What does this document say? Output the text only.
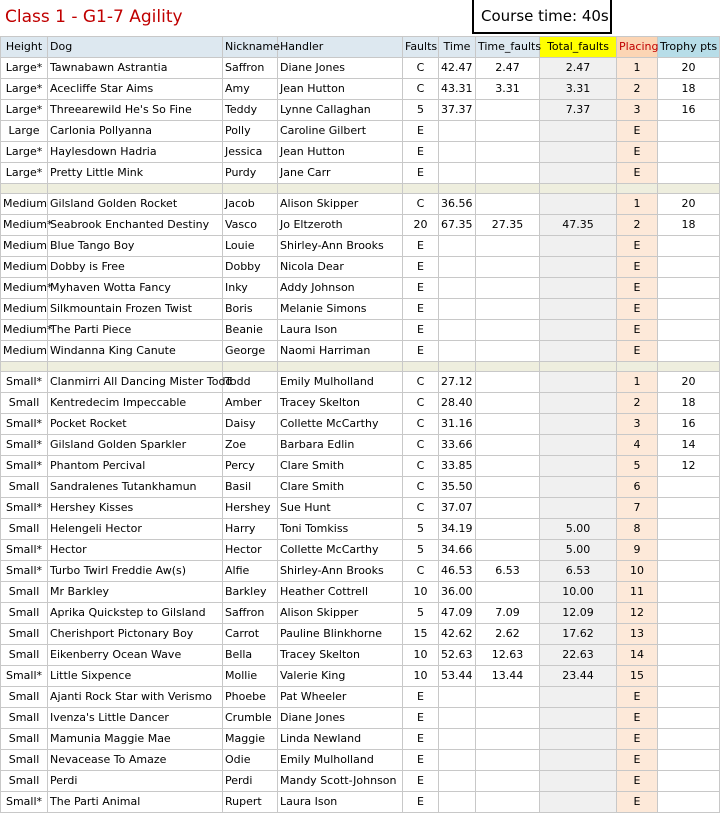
Class 1 - G1-7 Agility	Course time: 40s
Height	Dog	Nickname	Handler	Faults	Time	Time_faults	Total_faults	Placing	Trophy pts
Large*	Tawnabawn Astrantia	Saffron	Diane Jones	C	42.47	2.47	2.47	1	20
Large*	Acecliffe Star Aims	Amy	Jean Hutton	C	43.31	3.31	3.31	2	18
Large*	Threearewild He's So Fine	Teddy	Lynne Callaghan	5	37.37		7.37	3	16
Large	Carlonia Pollyanna	Polly	Caroline Gilbert	E				E	
Large*	Haylesdown Hadria	Jessica	Jean Hutton	E				E	
Large*	Pretty Little Mink	Purdy	Jane Carr	E				E	

Medium	Gilsland Golden Rocket	Jacob	Alison Skipper	C	36.56			1	20
Medium*	Seabrook Enchanted Destiny	Vasco	Jo Eltzeroth	20	67.35	27.35	47.35	2	18
Medium	Blue Tango Boy	Louie	Shirley-Ann Brooks	E				E	
Medium	Dobby is Free	Dobby	Nicola Dear	E				E	
Medium*	Myhaven Wotta Fancy	Inky	Addy Johnson	E				E	
Medium	Silkmountain Frozen Twist	Boris	Melanie Simons	E				E	
Medium*	The Parti Piece	Beanie	Laura Ison	E				E	
Medium	Windanna King Canute	George	Naomi Harriman	E				E	

Small*	Clanmirri All Dancing Mister Todd	Todd	Emily Mulholland	C	27.12			1	20
Small	Kentredecim Impeccable	Amber	Tracey Skelton	C	28.40			2	18
Small*	Pocket Rocket	Daisy	Collette McCarthy	C	31.16			3	16
Small*	Gilsland Golden Sparkler	Zoe	Barbara Edlin	C	33.66			4	14
Small*	Phantom Percival	Percy	Clare Smith	C	33.85			5	12
Small	Sandralenes Tutankhamun	Basil	Clare Smith	C	35.50			6	
Small*	Hershey Kisses	Hershey	Sue Hunt	C	37.07			7	
Small	Helengeli Hector	Harry	Toni Tomkiss	5	34.19		5.00	8	
Small*	Hector	Hector	Collette McCarthy	5	34.66		5.00	9	
Small*	Turbo Twirl Freddie Aw(s)	Alfie	Shirley-Ann Brooks	C	46.53	6.53	6.53	10	
Small	Mr Barkley	Barkley	Heather Cottrell	10	36.00		10.00	11	
Small	Aprika Quickstep to Gilsland	Saffron	Alison Skipper	5	47.09	7.09	12.09	12	
Small	Cherishport Pictonary Boy	Carrot	Pauline Blinkhorne	15	42.62	2.62	17.62	13	
Small	Eikenberry Ocean Wave	Bella	Tracey Skelton	10	52.63	12.63	22.63	14	
Small*	Little Sixpence	Mollie	Valerie King	10	53.44	13.44	23.44	15	
Small	Ajanti Rock Star with Verismo	Phoebe	Pat Wheeler	E				E	
Small	Ivenza's Little Dancer	Crumble	Diane Jones	E				E	
Small	Mamunia Maggie Mae	Maggie	Linda Newland	E				E	
Small	Nevacease To Amaze	Odie	Emily Mulholland	E				E	
Small	Perdi	Perdi	Mandy Scott-Johnson	E				E	
Small*	The Parti Animal	Rupert	Laura Ison	E				E	
